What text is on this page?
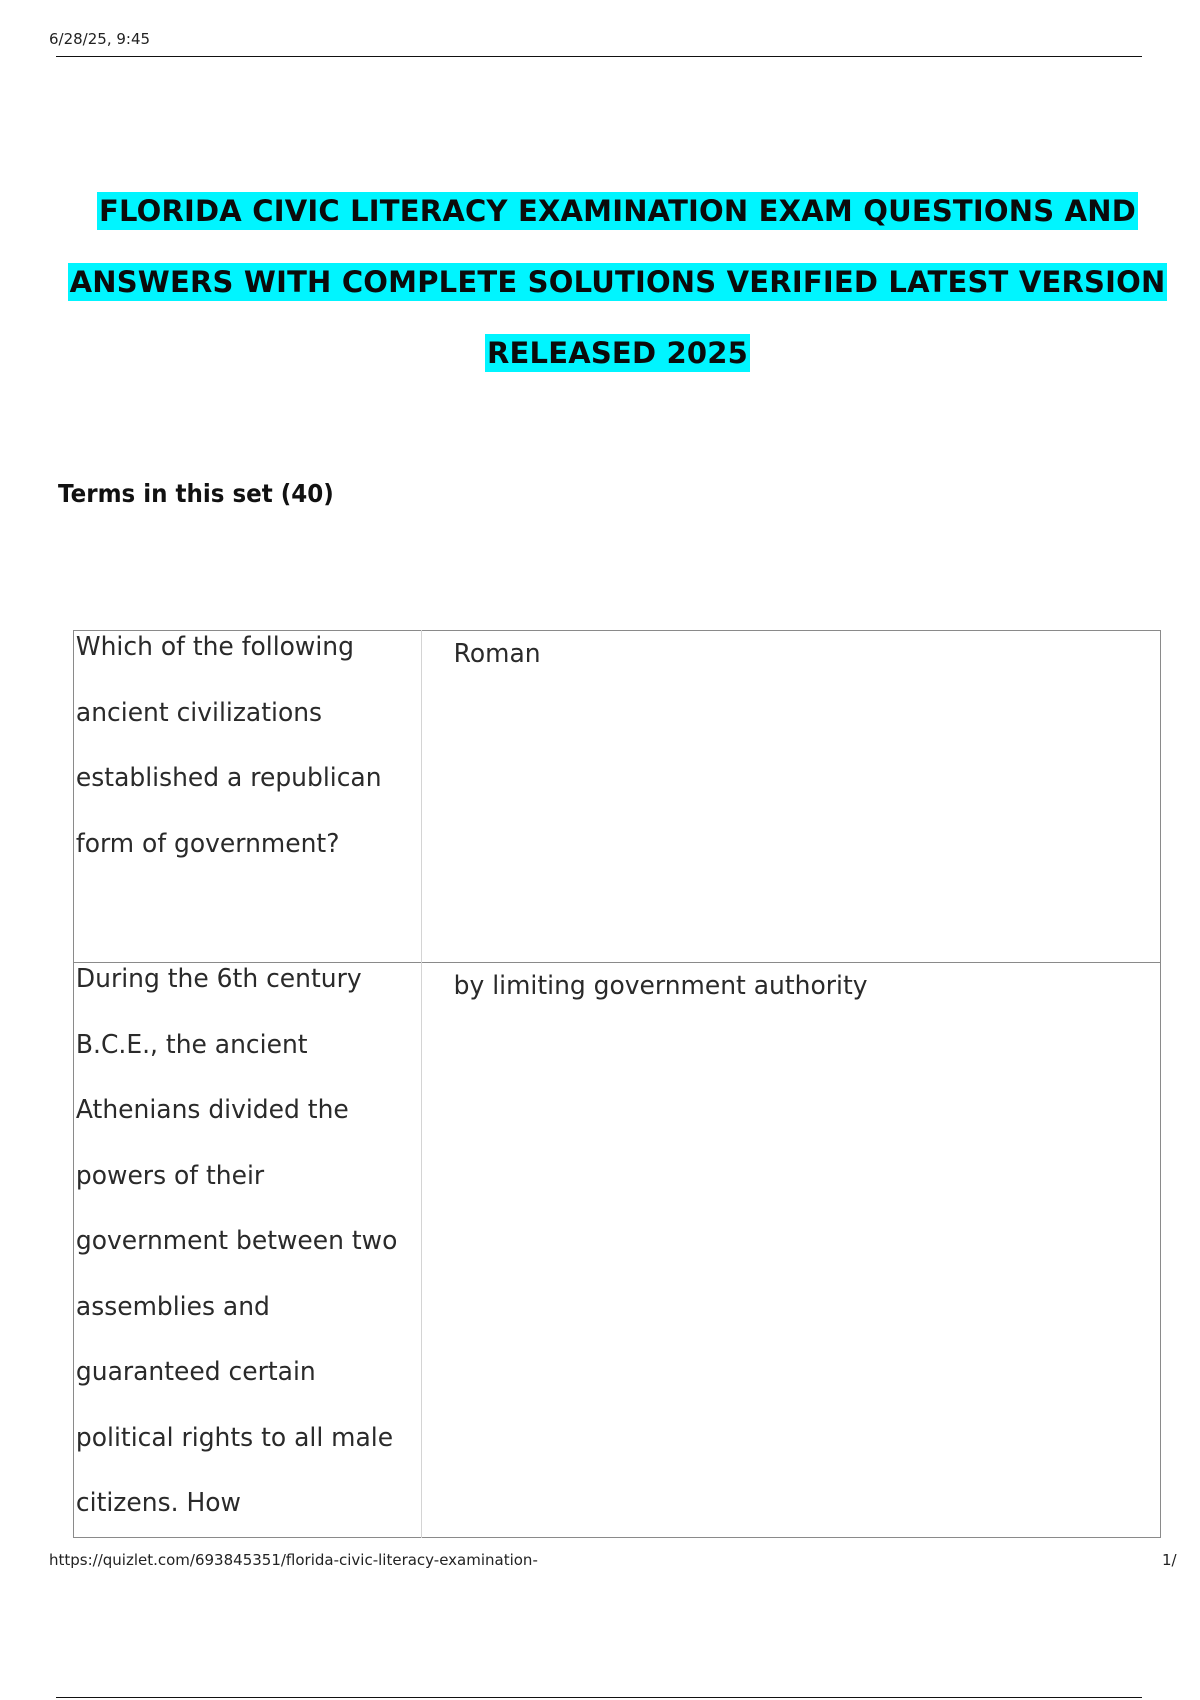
6/28/25, 9:45
FLORIDA CIVIC LITERACY EXAMINATION EXAM QUESTIONS AND
ANSWERS WITH COMPLETE SOLUTIONS VERIFIED LATEST VERSION
RELEASED 2025
Terms in this set (40)
Which of the following ancient civilizations established a republican form of government?	Roman

During the 6th century B.C.E., the ancient Athenians divided the powers of their government between two assemblies and guaranteed certain political rights to all male citizens. How	by limiting government authority
https://quizlet.com/693845351/florida-civic-literacy-examination-	1/
